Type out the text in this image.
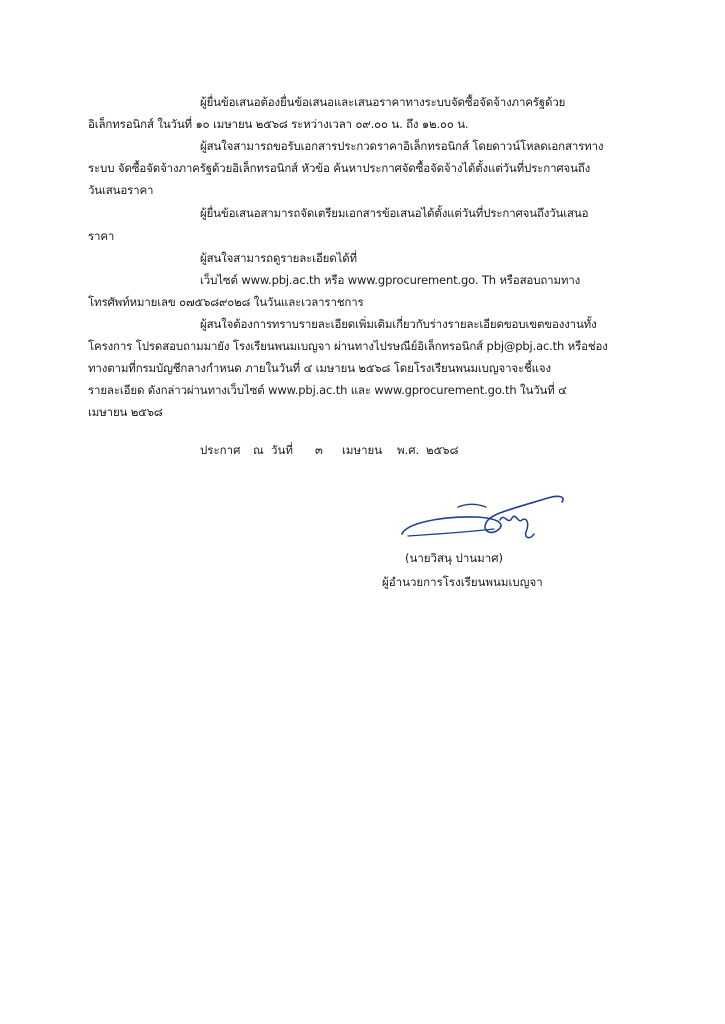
ผู้ยื่นข้อเสนอต้องยื่นข้อเสนอและเสนอราคาทางระบบจัดซื้อจัดจ้างภาครัฐด้วย

อิเล็กทรอนิกส์ ในวันที่ ๑๐ เมษายน ๒๕๖๘ ระหว่างเวลา ๐๙.๐๐ น. ถึง ๑๒.๐๐ น.

ผู้สนใจสามารถขอรับเอกสารประกวดราคาอิเล็กทรอนิกส์ โดยดาวน์โหลดเอกสารทาง

ระบบ จัดซื้อจัดจ้างภาครัฐด้วยอิเล็กทรอนิกส์ หัวข้อ ค้นหาประกาศจัดซื้อจัดจ้างได้ตั้งแต่วันที่ประกาศจนถึง

วันเสนอราคา

ผู้ยื่นข้อเสนอสามารถจัดเตรียมเอกสารข้อเสนอได้ตั้งแต่วันที่ประกาศจนถึงวันเสนอ

ราคา

ผู้สนใจสามารถดูรายละเอียดได้ที่

เว็บไซต์ www.pbj.ac.th หรือ www.gprocurement.go. Th หรือสอบถามทาง

โทรศัพท์หมายเลข ๐๗๕๖๘๙๐๒๘ ในวันและเวลาราชการ

ผู้สนใจต้องการทราบรายละเอียดเพิ่มเติมเกี่ยวกับร่างรายละเอียดขอบเขตของงานทั้ง

โครงการ โปรดสอบถามมายัง โรงเรียนพนมเบญจา ผ่านทางไปรษณีย์อิเล็กทรอนิกส์ pbj@pbj.ac.th หรือช่อง

ทางตามที่กรมบัญชีกลางกำหนด ภายในวันที่ ๔ เมษายน ๒๕๖๘ โดยโรงเรียนพนมเบญจาจะชี้แจง

รายละเอียด ดังกล่าวผ่านทางเว็บไซต์ www.pbj.ac.th และ www.gprocurement.go.th ในวันที่ ๔

เมษายน ๒๕๖๘

ประกาศ ณ วันที่ ๓ เมษายน พ.ศ. ๒๕๖๘
(นายวิสนุ ปานมาศ)
ผู้อำนวยการโรงเรียนพนมเบญจา
